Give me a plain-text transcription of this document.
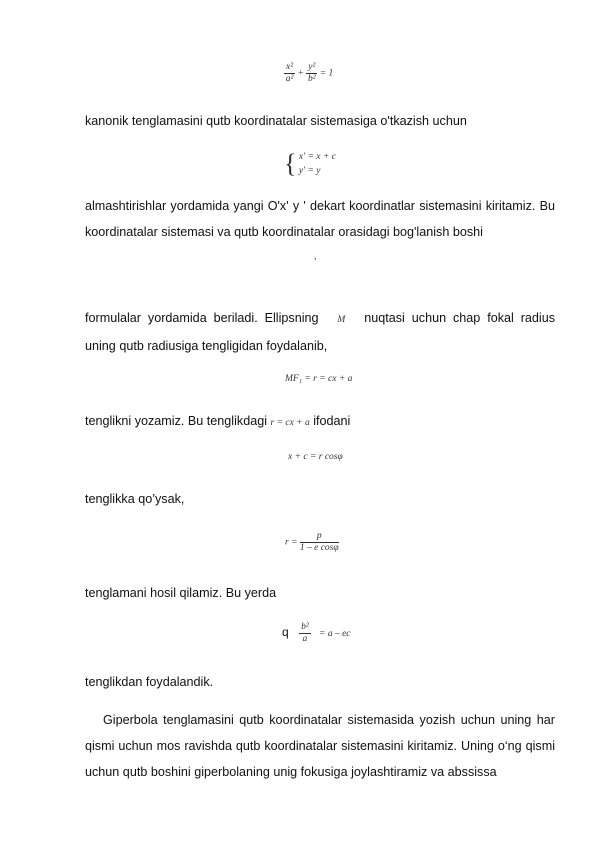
$\frac{\text{x²}}{\text{a²}} + \frac{\text{y²}}{\text{b²}} = 1$

kanonik tenglamasini qutb koordinatalar sistemasiga o'tkazish uchun

{ x' = x + c
y' = y

almashtirishlar yordamida yangi O'x' y ' dekart koordinatlar sistemasini kiritamiz. Bu koordinatalar sistemasi va qutb koordinatalar orasidagi bog'lanish boshi

,

formulalar yordamida beriladi. Ellipsning M nuqtasi uchun chap fokal radius uning qutb radiusiga tengligidan foydalanib,

MF₁ = r = cx + a

tenglikni yozamiz. Bu tenglikdagi r = cx + a ifodani

x + c = r cosφ

tenglikka qo’ysak,

$r = \frac{p}{\text{1 – e cosφ}}$

tenglamani hosil qilamiz. Bu yerda

q $\frac{\text{b²}}{a} = a$ – ec

tenglikdan foydalandik.

Giperbola tenglamasini qutb koordinatalar sistemasida yozish uchun uning har qismi uchun mos ravishda qutb koordinatalar sistemasini kiritamiz. Uning o‘ng qismi uchun qutb boshini giperbolaning unig fokusiga joylashtiramiz va abssissa
